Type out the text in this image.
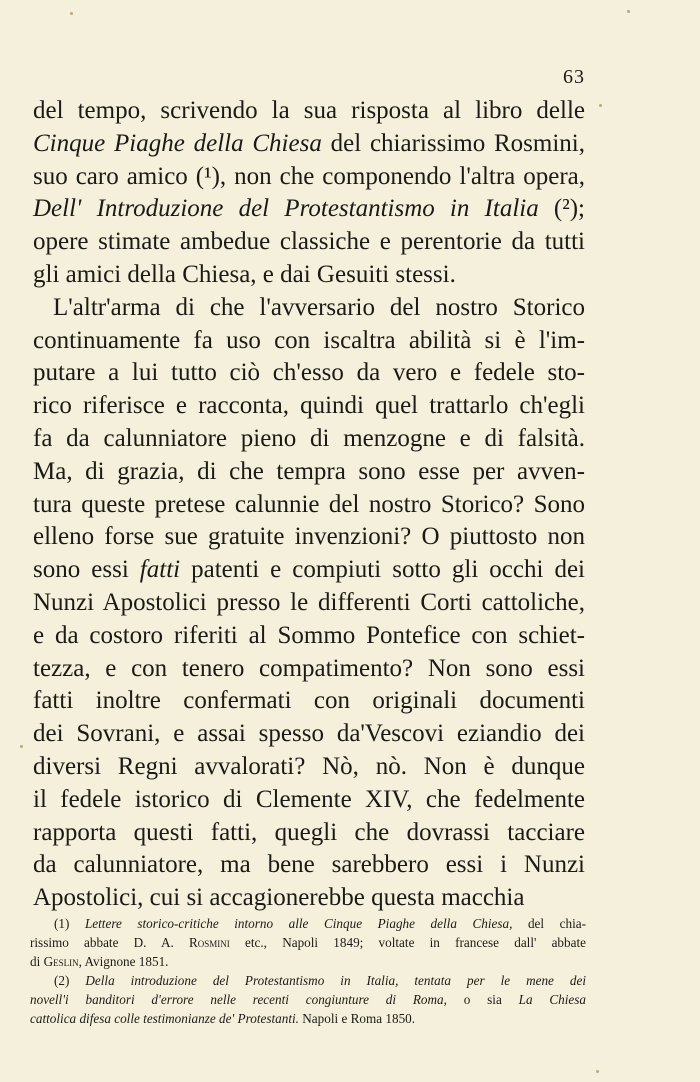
63
del tempo, scrivendo la sua risposta al libro delle
Cinque Piaghe della Chiesa del chiarissimo Rosmini,
suo caro amico (¹), non che componendo l'altra opera,
Dell' Introduzione del Protestantismo in Italia (²);
opere stimate ambedue classiche e perentorie da tutti
gli amici della Chiesa, e dai Gesuiti stessi.
L'altr'arma di che l'avversario del nostro Storico
continuamente fa uso con iscaltra abilità si è l'im-
putare a lui tutto ciò ch'esso da vero e fedele sto-
rico riferisce e racconta, quindi quel trattarlo ch'egli
fa da calunniatore pieno di menzogne e di falsità.
Ma, di grazia, di che tempra sono esse per avven-
tura queste pretese calunnie del nostro Storico? Sono
elleno forse sue gratuite invenzioni? O piuttosto non
sono essi fatti patenti e compiuti sotto gli occhi dei
Nunzi Apostolici presso le differenti Corti cattoliche,
e da costoro riferiti al Sommo Pontefice con schiet-
tezza, e con tenero compatimento? Non sono essi
fatti inoltre confermati con originali documenti
dei Sovrani, e assai spesso da'Vescovi eziandio dei
diversi Regni avvalorati? Nò, nò. Non è dunque
il fedele istorico di Clemente XIV, che fedelmente
rapporta questi fatti, quegli che dovrassi tacciare
da calunniatore, ma bene sarebbero essi i Nunzi
Apostolici, cui si accagionerebbe questa macchia
(1) Lettere storico-critiche intorno alle Cinque Piaghe della Chiesa, del chia-
rissimo abbate D. A. Rosmini etc., Napoli 1849; voltate in francese dall' abbate
di Geslin, Avignone 1851.
(2) Della introduzione del Protestantismo in Italia, tentata per le mene dei
novell'i banditori d'errore nelle recenti congiunture di Roma, o sia La Chiesa
cattolica difesa colle testimonianze de' Protestanti. Napoli e Roma 1850.
